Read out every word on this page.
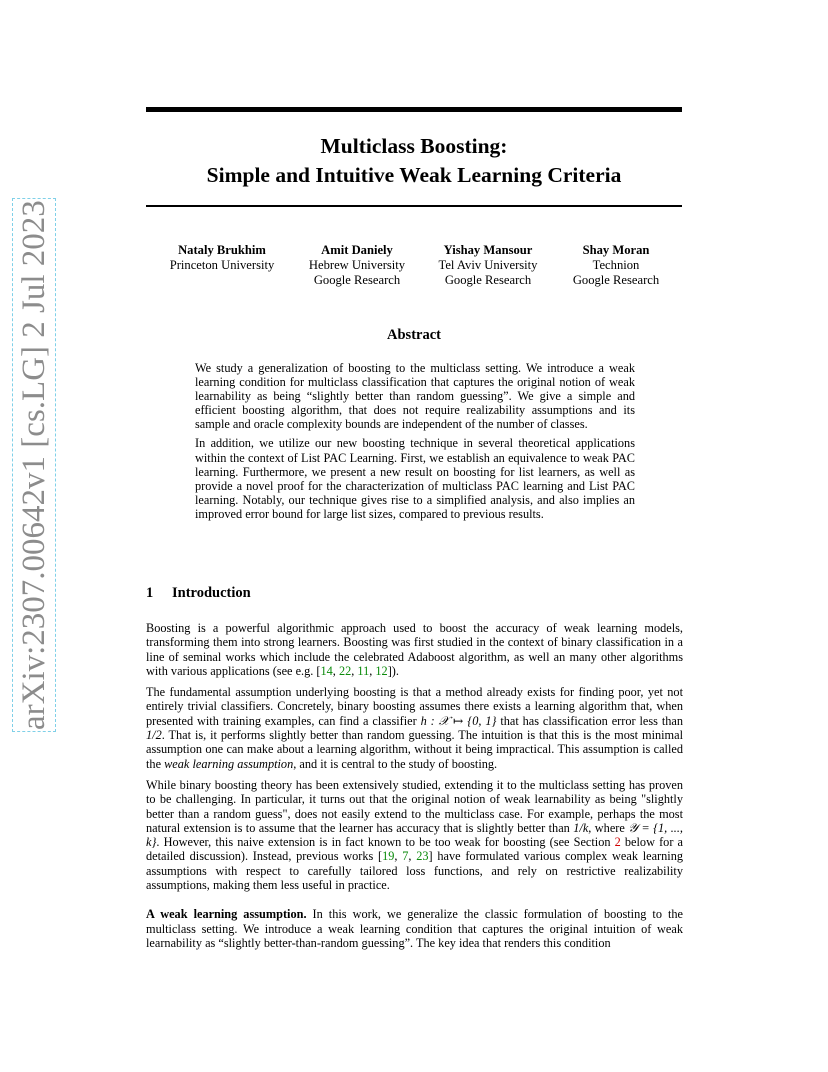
arXiv:2307.00642v1 [cs.LG] 2 Jul 2023
Multiclass Boosting:
Simple and Intuitive Weak Learning Criteria
Nataly Brukhim
Princeton University
Amit Daniely
Hebrew University
Google Research
Yishay Mansour
Tel Aviv University
Google Research
Shay Moran
Technion
Google Research
Abstract

We study a generalization of boosting to the multiclass setting. We introduce a weak learning condition for multiclass classification that captures the original notion of weak learnability as being “slightly better than random guessing”. We give a simple and efficient boosting algorithm, that does not require realizability assumptions and its sample and oracle complexity bounds are independent of the number of classes.

In addition, we utilize our new boosting technique in several theoretical applications within the context of List PAC Learning. First, we establish an equivalence to weak PAC learning. Furthermore, we present a new result on boosting for list learners, as well as provide a novel proof for the characterization of multiclass PAC learning and List PAC learning. Notably, our technique gives rise to a simplified analysis, and also implies an improved error bound for large list sizes, compared to previous results.

1 Introduction

Boosting is a powerful algorithmic approach used to boost the accuracy of weak learning models, transforming them into strong learners. Boosting was first studied in the context of binary classification in a line of seminal works which include the celebrated Adaboost algorithm, as well an many other algorithms with various applications (see e.g. [14, 22, 11, 12]).

The fundamental assumption underlying boosting is that a method already exists for finding poor, yet not entirely trivial classifiers. Concretely, binary boosting assumes there exists a learning algorithm that, when presented with training examples, can find a classifier h : 𝒳 ↦ {0, 1} that has classification error less than 1/2. That is, it performs slightly better than random guessing. The intuition is that this is the most minimal assumption one can make about a learning algorithm, without it being impractical. This assumption is called the weak learning assumption, and it is central to the study of boosting.

While binary boosting theory has been extensively studied, extending it to the multiclass setting has proven to be challenging. In particular, it turns out that the original notion of weak learnability as being "slightly better than a random guess", does not easily extend to the multiclass case. For example, perhaps the most natural extension is to assume that the learner has accuracy that is slightly better than 1/k, where 𝒴 = {1, ..., k}. However, this naive extension is in fact known to be too weak for boosting (see Section 2 below for a detailed discussion). Instead, previous works [19, 7, 23] have formulated various complex weak learning assumptions with respect to carefully tailored loss functions, and rely on restrictive realizability assumptions, making them less useful in practice.

A weak learning assumption. In this work, we generalize the classic formulation of boosting to the multiclass setting. We introduce a weak learning condition that captures the original intuition of weak learnability as “slightly better-than-random guessing”. The key idea that renders this condition
